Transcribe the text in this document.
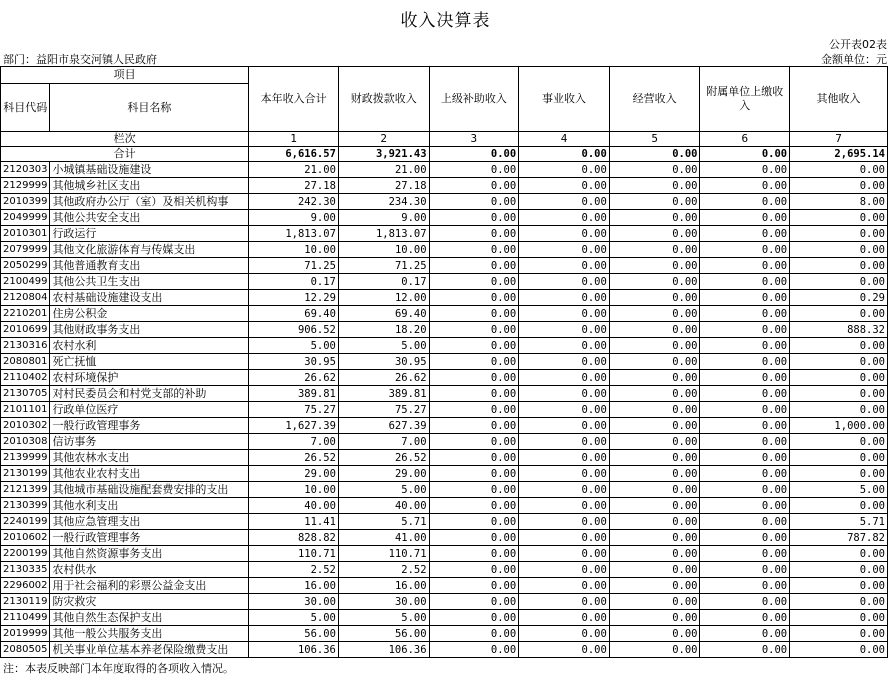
收入决算表
公开表02表
部门：益阳市泉交河镇人民政府	金额单位：元
项目		本年收入合计	财政拨款收入	上级补助收入	事业收入	经营收入	附属单位上缴收入	其他收入
科目代码	科目名称							
栏次		1	2	3	4	5	6	7
合计		6,616.57	3,921.43	0.00	0.00	0.00	0.00	2,695.14
2120303	小城镇基础设施建设	21.00	21.00	0.00	0.00	0.00	0.00	0.00
2129999	其他城乡社区支出	27.18	27.18	0.00	0.00	0.00	0.00	0.00
2010399	其他政府办公厅（室）及相关机构事	242.30	234.30	0.00	0.00	0.00	0.00	8.00
2049999	其他公共安全支出	9.00	9.00	0.00	0.00	0.00	0.00	0.00
2010301	行政运行	1,813.07	1,813.07	0.00	0.00	0.00	0.00	0.00
2079999	其他文化旅游体育与传媒支出	10.00	10.00	0.00	0.00	0.00	0.00	0.00
2050299	其他普通教育支出	71.25	71.25	0.00	0.00	0.00	0.00	0.00
2100499	其他公共卫生支出	0.17	0.17	0.00	0.00	0.00	0.00	0.00
2120804	农村基础设施建设支出	12.29	12.00	0.00	0.00	0.00	0.00	0.29
2210201	住房公积金	69.40	69.40	0.00	0.00	0.00	0.00	0.00
2010699	其他财政事务支出	906.52	18.20	0.00	0.00	0.00	0.00	888.32
2130316	农村水利	5.00	5.00	0.00	0.00	0.00	0.00	0.00
2080801	死亡抚恤	30.95	30.95	0.00	0.00	0.00	0.00	0.00
2110402	农村环境保护	26.62	26.62	0.00	0.00	0.00	0.00	0.00
2130705	对村民委员会和村党支部的补助	389.81	389.81	0.00	0.00	0.00	0.00	0.00
2101101	行政单位医疗	75.27	75.27	0.00	0.00	0.00	0.00	0.00
2010302	一般行政管理事务	1,627.39	627.39	0.00	0.00	0.00	0.00	1,000.00
2010308	信访事务	7.00	7.00	0.00	0.00	0.00	0.00	0.00
2139999	其他农林水支出	26.52	26.52	0.00	0.00	0.00	0.00	0.00
2130199	其他农业农村支出	29.00	29.00	0.00	0.00	0.00	0.00	0.00
2121399	其他城市基础设施配套费安排的支出	10.00	5.00	0.00	0.00	0.00	0.00	5.00
2130399	其他水利支出	40.00	40.00	0.00	0.00	0.00	0.00	0.00
2240199	其他应急管理支出	11.41	5.71	0.00	0.00	0.00	0.00	5.71
2010602	一般行政管理事务	828.82	41.00	0.00	0.00	0.00	0.00	787.82
2200199	其他自然资源事务支出	110.71	110.71	0.00	0.00	0.00	0.00	0.00
2130335	农村供水	2.52	2.52	0.00	0.00	0.00	0.00	0.00
2296002	用于社会福利的彩票公益金支出	16.00	16.00	0.00	0.00	0.00	0.00	0.00
2130119	防灾救灾	30.00	30.00	0.00	0.00	0.00	0.00	0.00
2110499	其他自然生态保护支出	5.00	5.00	0.00	0.00	0.00	0.00	0.00
2019999	其他一般公共服务支出	56.00	56.00	0.00	0.00	0.00	0.00	0.00
2080505	机关事业单位基本养老保险缴费支出	106.36	106.36	0.00	0.00	0.00	0.00	0.00
注：本表反映部门本年度取得的各项收入情况。
